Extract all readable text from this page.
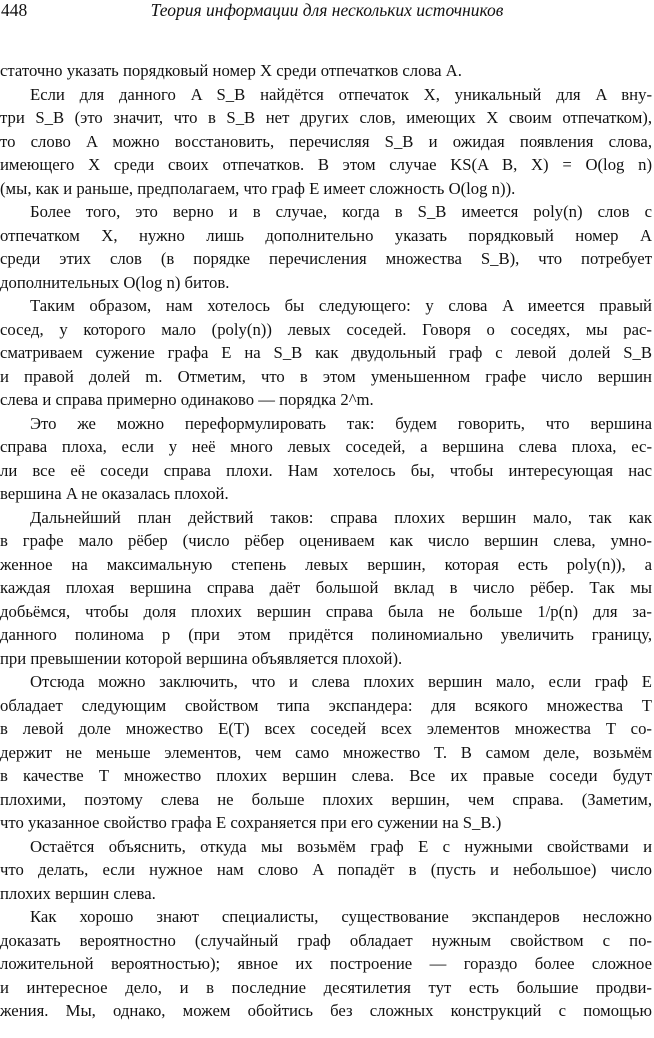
448	Теория информации для нескольких источников
статочно указать порядковый номер X среди отпечатков слова A.
Если для данного A S_B найдётся отпечаток X, уникальный для A вну-
три S_B (это значит, что в S_B нет других слов, имеющих X своим отпечатком),
то слово A можно восстановить, перечисляя S_B и ожидая появления слова,
имеющего X среди своих отпечатков. В этом случае KS(A B, X) = O(log n)
(мы, как и раньше, предполагаем, что граф E имеет сложность O(log n)).
Более того, это верно и в случае, когда в S_B имеется poly(n) слов с
отпечатком X, нужно лишь дополнительно указать порядковый номер A
среди этих слов (в порядке перечисления множества S_B), что потребует
дополнительных O(log n) битов.
Таким образом, нам хотелось бы следующего: у слова A имеется правый
сосед, у которого мало (poly(n)) левых соседей. Говоря о соседях, мы рас-
сматриваем сужение графа E на S_B как двудольный граф с левой долей S_B
и правой долей m. Отметим, что в этом уменьшенном графе число вершин
слева и справа примерно одинаково — порядка 2^m.
Это же можно переформулировать так: будем говорить, что вершина
справа плоха, если у неё много левых соседей, а вершина слева плоха, ес-
ли все её соседи справа плохи. Нам хотелось бы, чтобы интересующая нас
вершина A не оказалась плохой.
Дальнейший план действий таков: справа плохих вершин мало, так как
в графе мало рёбер (число рёбер оцениваем как число вершин слева, умно-
женное на максимальную степень левых вершин, которая есть poly(n)), а
каждая плохая вершина справа даёт большой вклад в число рёбер. Так мы
добьёмся, чтобы доля плохих вершин справа была не больше 1/p(n) для за-
данного полинома p (при этом придётся полиномиально увеличить границу,
при превышении которой вершина объявляется плохой).
Отсюда можно заключить, что и слева плохих вершин мало, если граф E
обладает следующим свойством типа экспандера: для всякого множества T
в левой доле множество E(T) всех соседей всех элементов множества T со-
держит не меньше элементов, чем само множество T. В самом деле, возьмём
в качестве T множество плохих вершин слева. Все их правые соседи будут
плохими, поэтому слева не больше плохих вершин, чем справа. (Заметим,
что указанное свойство графа E сохраняется при его сужении на S_B.)
Остаётся объяснить, откуда мы возьмём граф E с нужными свойствами и
что делать, если нужное нам слово A попадёт в (пусть и небольшое) число
плохих вершин слева.
Как хорошо знают специалисты, существование экспандеров несложно
доказать вероятностно (случайный граф обладает нужным свойством с по-
ложительной вероятностью); явное их построение — гораздо более сложное
и интересное дело, и в последние десятилетия тут есть большие продви-
жения. Мы, однако, можем обойтись без сложных конструкций с помощью
